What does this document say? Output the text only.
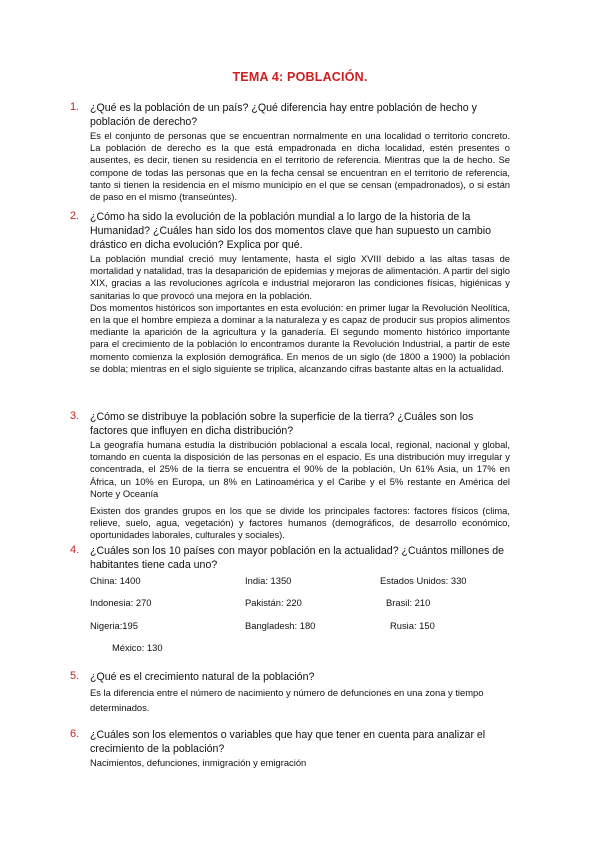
TEMA 4: POBLACIÓN.
1. ¿Qué es la población de un país? ¿Qué diferencia hay entre población de hecho y población de derecho?

Es el conjunto de personas que se encuentran normalmente en una localidad o territorio concreto. La población de derecho es la que está empadronada en dicha localidad, estén presentes o ausentes, es decir, tienen su residencia en el territorio de referencia. Mientras que la de hecho. Se compone de todas las personas que en la fecha censal se encuentran en el territorio de referencia, tanto si tienen la residencia en el mismo municipio en el que se censan (empadronados), o si están de paso en el mismo (transeúntes).

2. ¿Cómo ha sido la evolución de la población mundial a lo largo de la historia de la Humanidad? ¿Cuáles han sido los dos momentos clave que han supuesto un cambio drástico en dicha evolución? Explica por qué.

La población mundial creció muy lentamente, hasta el siglo XVIII debido a las altas tasas de mortalidad y natalidad, tras la desaparición de epidemias y mejoras de alimentación. A partir del siglo XIX, gracias a las revoluciones agrícola e industrial mejoraron las condiciones físicas, higiénicas y sanitarias lo que provocó una mejora en la población.

Dos momentos históricos son importantes en esta evolución: en primer lugar la Revolución Neolítica, en la que el hombre empieza a dominar a la naturaleza y es capaz de producir sus propios alimentos mediante la aparición de la agricultura y la ganadería. El segundo momento histórico importante para el crecimiento de la población lo encontramos durante la Revolución Industrial, a partir de este momento comienza la explosión demográfica. En menos de un siglo (de 1800 a 1900) la población se dobla; mientras en el siglo siguiente se triplica, alcanzando cifras bastante altas en la actualidad.

3. ¿Cómo se distribuye la población sobre la superficie de la tierra? ¿Cuáles son los factores que influyen en dicha distribución?

La geografía humana estudia la distribución poblacional a escala local, regional, nacional y global, tomando en cuenta la disposición de las personas en el espacio. Es una distribución muy irregular y concentrada, el 25% de la tierra se encuentra el 90% de la población, Un 61% Asia, un 17% en África, un 10% en Europa, un 8% en Latinoamérica y el Caribe y el 5% restante en América del Norte y Oceanía

Existen dos grandes grupos en los que se divide los principales factores: factores físicos (clima, relieve, suelo, agua, vegetación) y factores humanos (demográficos, de desarrollo económico, oportunidades laborales, culturales y sociales).

4. ¿Cuáles son los 10 países con mayor población en la actualidad? ¿Cuántos millones de habitantes tiene cada uno?

China: 1400	India: 1350	Estados Unidos: 330
Indonesia: 270	Pakistán: 220	Brasil: 210
Nigeria:195	Bangladesh: 180	Rusia: 150
México: 130
5. ¿Qué es el crecimiento natural de la población?

Es la diferencia entre el número de nacimiento y número de defunciones en una zona y tiempo determinados.

6. ¿Cuáles son los elementos o variables que hay que tener en cuenta para analizar el crecimiento de la población?

Nacimientos, defunciones, inmigración y emigración
